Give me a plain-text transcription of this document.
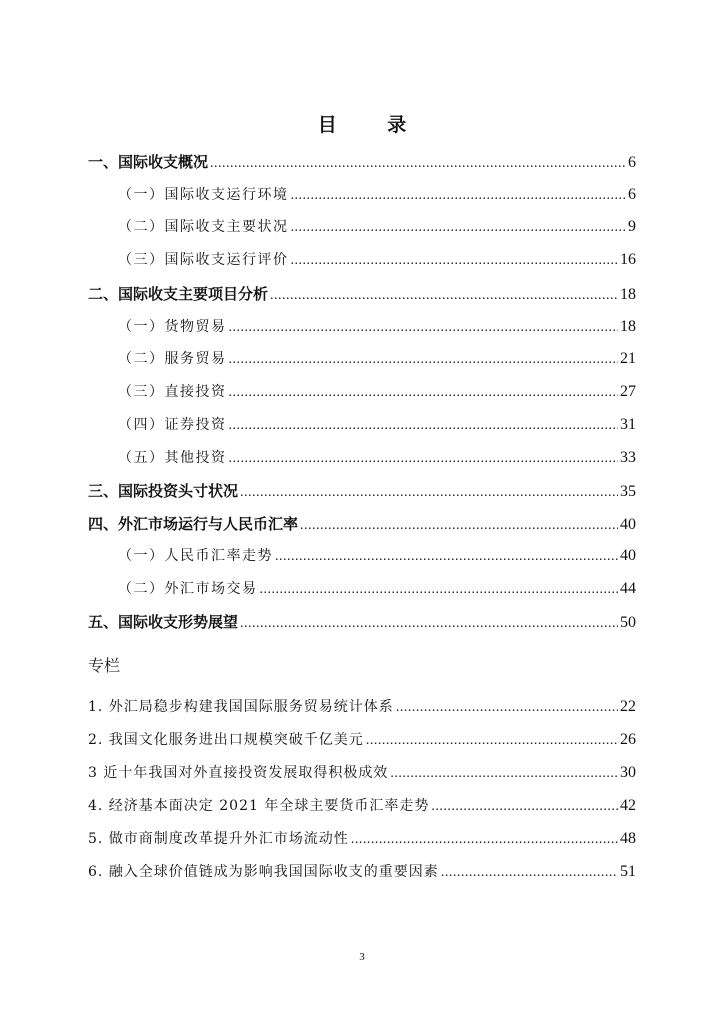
目 录
一、国际收支概况 .....	6
（一）国际收支运行环境 .....	6
（二）国际收支主要状况 .....	9
（三）国际收支运行评价 .....	16
二、国际收支主要项目分析 .....	18
（一）货物贸易 .....	18
（二）服务贸易 .....	21
（三）直接投资 .....	27
（四）证券投资 .....	31
（五）其他投资 .....	33
三、国际投资头寸状况 .....	35
四、外汇市场运行与人民币汇率 .....	40
（一）人民币汇率走势 .....	40
（二）外汇市场交易 .....	44
五、国际收支形势展望 .....	50
专栏
1. 外汇局稳步构建我国国际服务贸易统计体系 .....	22
2. 我国文化服务进出口规模突破千亿美元 .....	26
3 近十年我国对外直接投资发展取得积极成效 .....	30
4. 经济基本面决定 2021 年全球主要货币汇率走势 .....	42
5. 做市商制度改革提升外汇市场流动性 .....	48
6. 融入全球价值链成为影响我国国际收支的重要因素 .....	51
3
